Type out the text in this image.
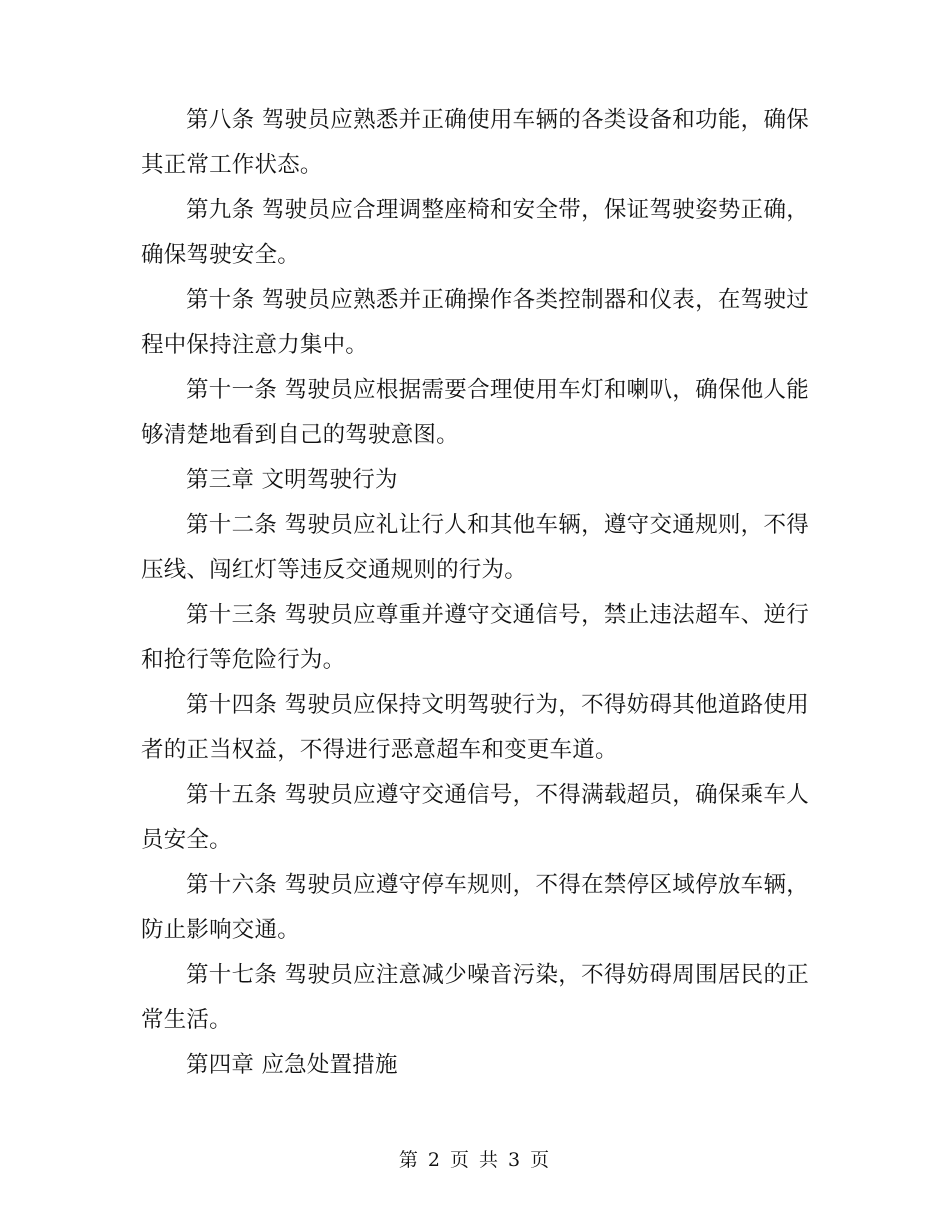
第八条 驾驶员应熟悉并正确使用车辆的各类设备和功能，确保其正常工作状态。

第九条 驾驶员应合理调整座椅和安全带，保证驾驶姿势正确，确保驾驶安全。

第十条 驾驶员应熟悉并正确操作各类控制器和仪表，在驾驶过程中保持注意力集中。

第十一条 驾驶员应根据需要合理使用车灯和喇叭，确保他人能够清楚地看到自己的驾驶意图。

第三章 文明驾驶行为

第十二条 驾驶员应礼让行人和其他车辆，遵守交通规则，不得压线、闯红灯等违反交通规则的行为。

第十三条 驾驶员应尊重并遵守交通信号，禁止违法超车、逆行和抢行等危险行为。

第十四条 驾驶员应保持文明驾驶行为，不得妨碍其他道路使用者的正当权益，不得进行恶意超车和变更车道。

第十五条 驾驶员应遵守交通信号，不得满载超员，确保乘车人员安全。

第十六条 驾驶员应遵守停车规则，不得在禁停区域停放车辆，防止影响交通。

第十七条 驾驶员应注意减少噪音污染，不得妨碍周围居民的正常生活。

第四章 应急处置措施

第 2 页 共 3 页
